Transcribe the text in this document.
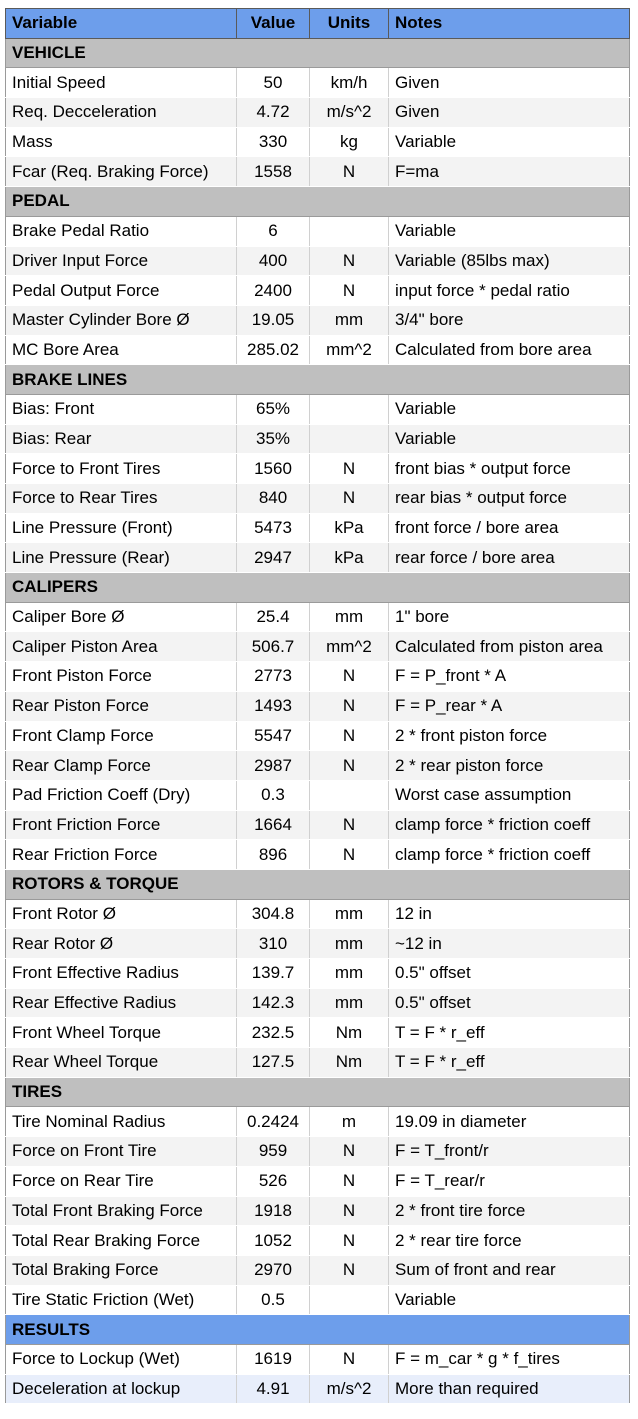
Variable	Value	Units	Notes
VEHICLE			
Initial Speed	50	km/h	Given
Req. Decceleration	4.72	m/s^2	Given
Mass	330	kg	Variable
Fcar (Req. Braking Force)	1558	N	F=ma
PEDAL			
Brake Pedal Ratio	6		Variable
Driver Input Force	400	N	Variable (85lbs max)
Pedal Output Force	2400	N	input force * pedal ratio
Master Cylinder Bore Ø	19.05	mm	3/4" bore
MC Bore Area	285.02	mm^2	Calculated from bore area
BRAKE LINES			
Bias: Front	65%		Variable
Bias: Rear	35%		Variable
Force to Front Tires	1560	N	front bias * output force
Force to Rear Tires	840	N	rear bias * output force
Line Pressure (Front)	5473	kPa	front force / bore area
Line Pressure (Rear)	2947	kPa	rear force / bore area
CALIPERS			
Caliper Bore Ø	25.4	mm	1" bore
Caliper Piston Area	506.7	mm^2	Calculated from piston area
Front Piston Force	2773	N	F = P_front * A
Rear Piston Force	1493	N	F = P_rear * A
Front Clamp Force	5547	N	2 * front piston force
Rear Clamp Force	2987	N	2 * rear piston force
Pad Friction Coeff (Dry)	0.3		Worst case assumption
Front Friction Force	1664	N	clamp force * friction coeff
Rear Friction Force	896	N	clamp force * friction coeff
ROTORS & TORQUE			
Front Rotor Ø	304.8	mm	12 in
Rear Rotor Ø	310	mm	~12 in
Front Effective Radius	139.7	mm	0.5" offset
Rear Effective Radius	142.3	mm	0.5" offset
Front Wheel Torque	232.5	Nm	T = F * r_eff
Rear Wheel Torque	127.5	Nm	T = F * r_eff
TIRES			
Tire Nominal Radius	0.2424	m	19.09 in diameter
Force on Front Tire	959	N	F = T_front/r
Force on Rear Tire	526	N	F = T_rear/r
Total Front Braking Force	1918	N	2 * front tire force
Total Rear Braking Force	1052	N	2 * rear tire force
Total Braking Force	2970	N	Sum of front and rear
Tire Static Friction (Wet)	0.5		Variable
RESULTS			
Force to Lockup (Wet)	1619	N	F = m_car * g * f_tires
Deceleration at lockup	4.91	m/s^2	More than required
